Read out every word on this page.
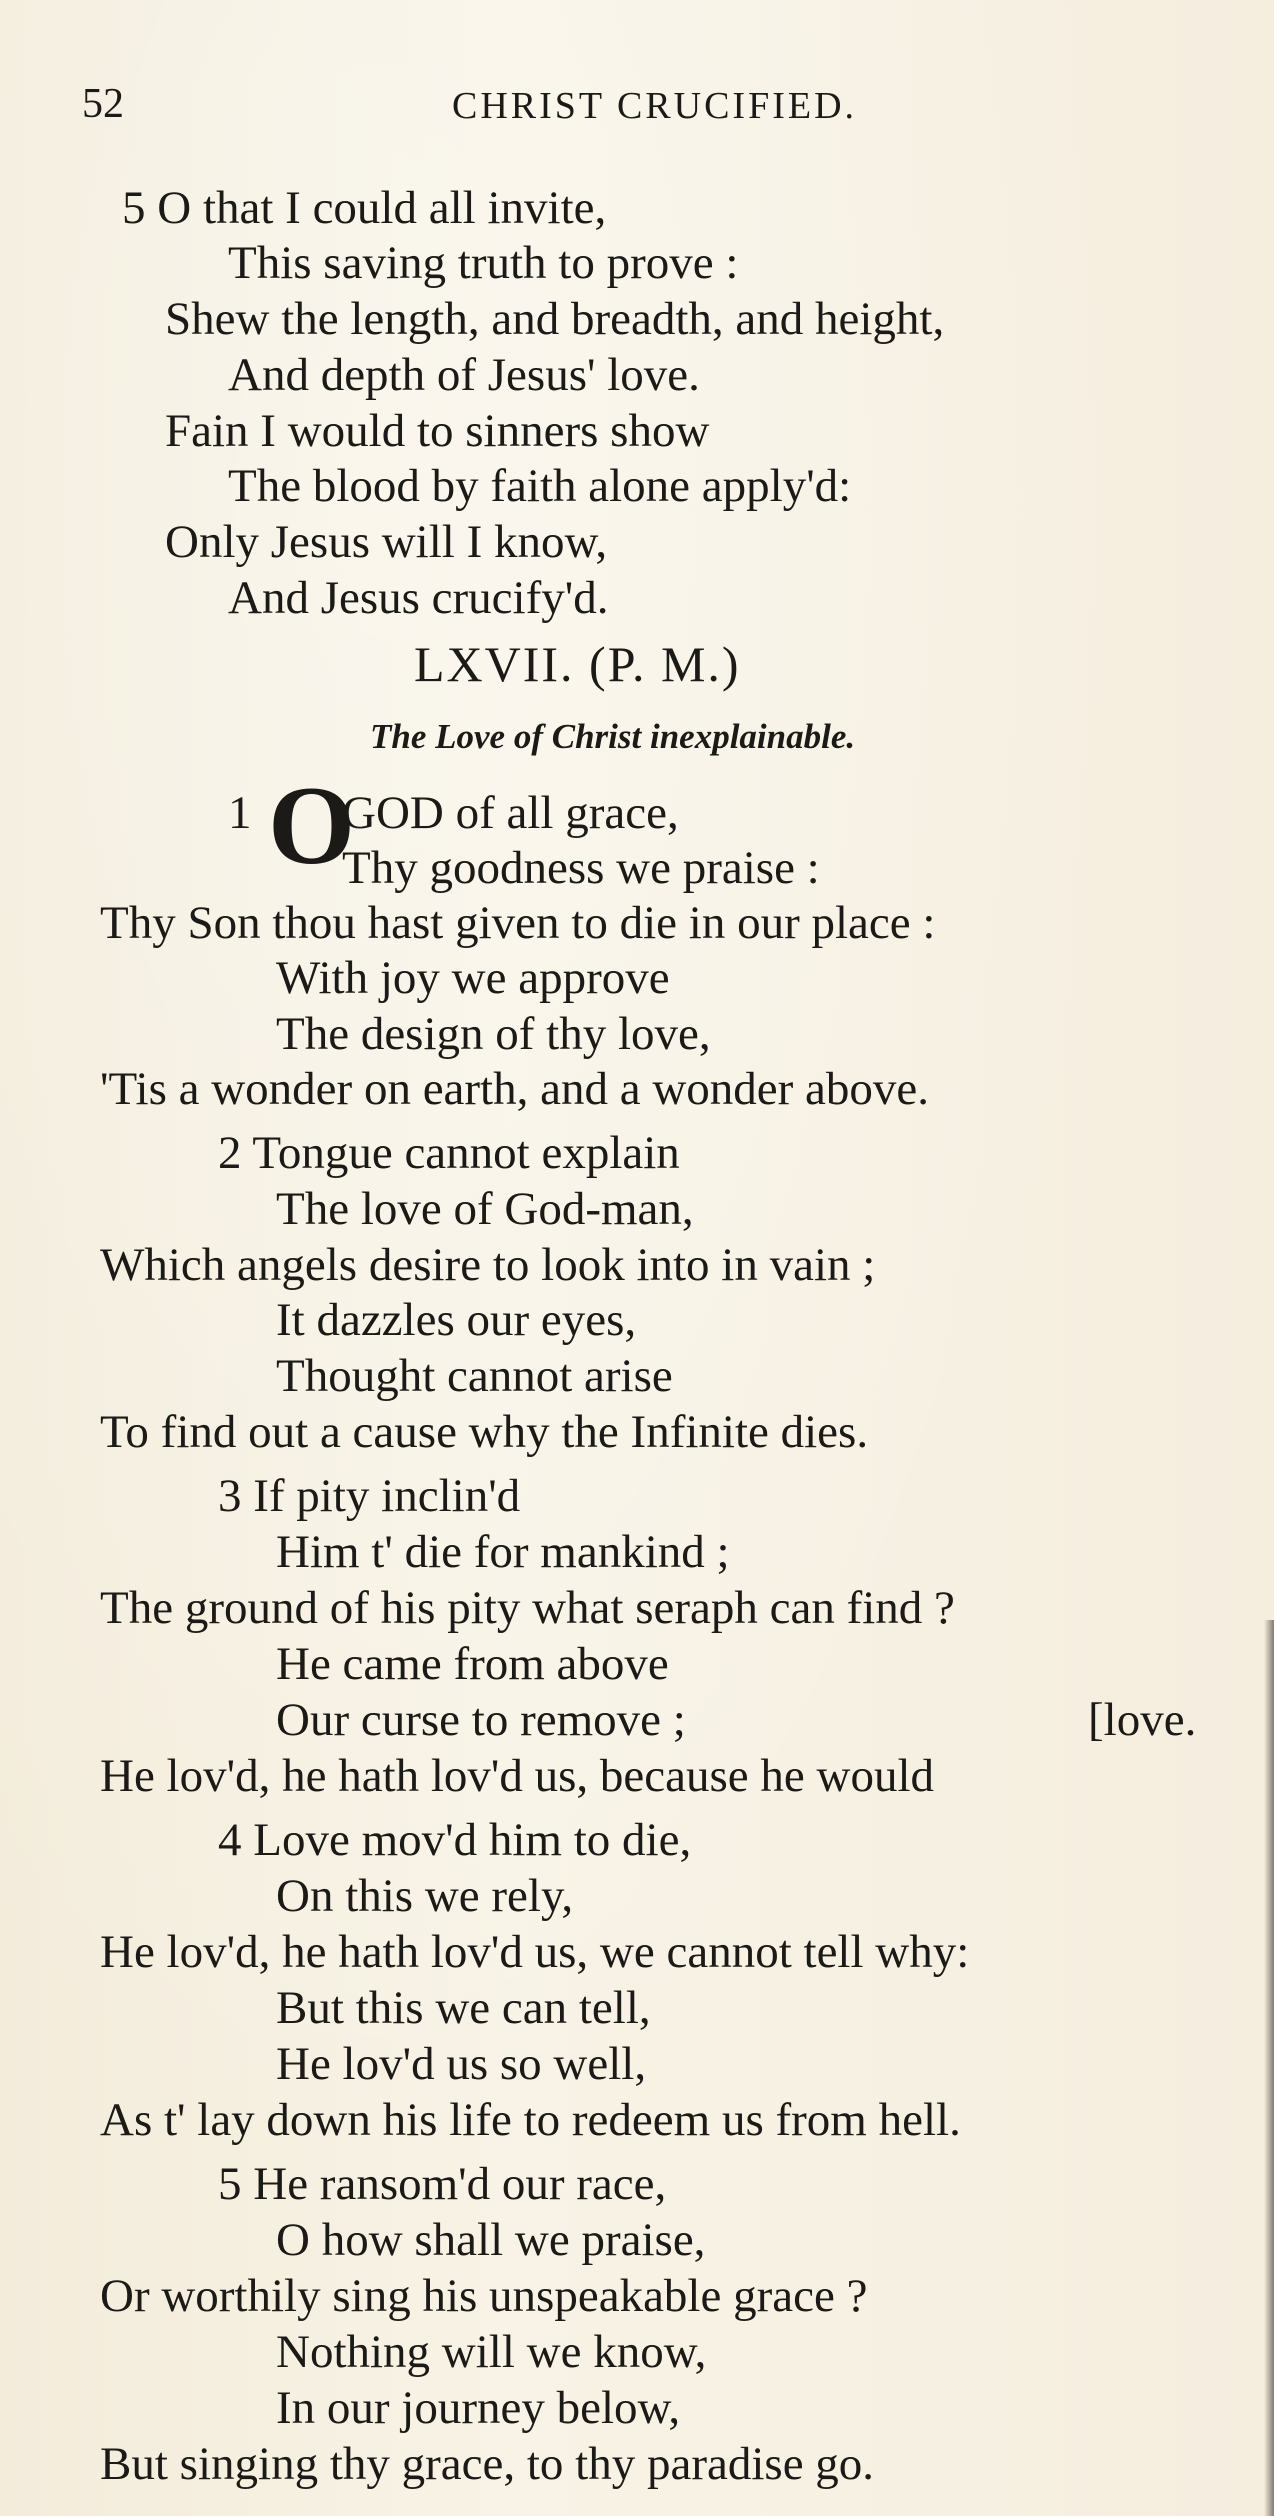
52	CHRIST CRUCIFIED.
5 O that I could all invite,
This saving truth to prove :
Shew the length, and breadth, and height,
And depth of Jesus' love.
Fain I would to sinners show
The blood by faith alone apply'd:
Only Jesus will I know,
And Jesus crucify'd.
LXVII. (P. M.)
The Love of Christ inexplainable.
1 O
GOD of all grace,
Thy goodness we praise :
Thy Son thou hast given to die in our place :
With joy we approve
The design of thy love,
'Tis a wonder on earth, and a wonder above.
2 Tongue cannot explain
The love of God-man,
Which angels desire to look into in vain ;
It dazzles our eyes,
Thought cannot arise
To find out a cause why the Infinite dies.
3 If pity inclin'd
Him t' die for mankind ;
The ground of his pity what seraph can find ?
He came from above
Our curse to remove ;	[love.
He lov'd, he hath lov'd us, because he would
4 Love mov'd him to die,
On this we rely,
He lov'd, he hath lov'd us, we cannot tell why:
But this we can tell,
He lov'd us so well,
As t' lay down his life to redeem us from hell.
5 He ransom'd our race,
O how shall we praise,
Or worthily sing his unspeakable grace ?
Nothing will we know,
In our journey below,
But singing thy grace, to thy paradise go.
